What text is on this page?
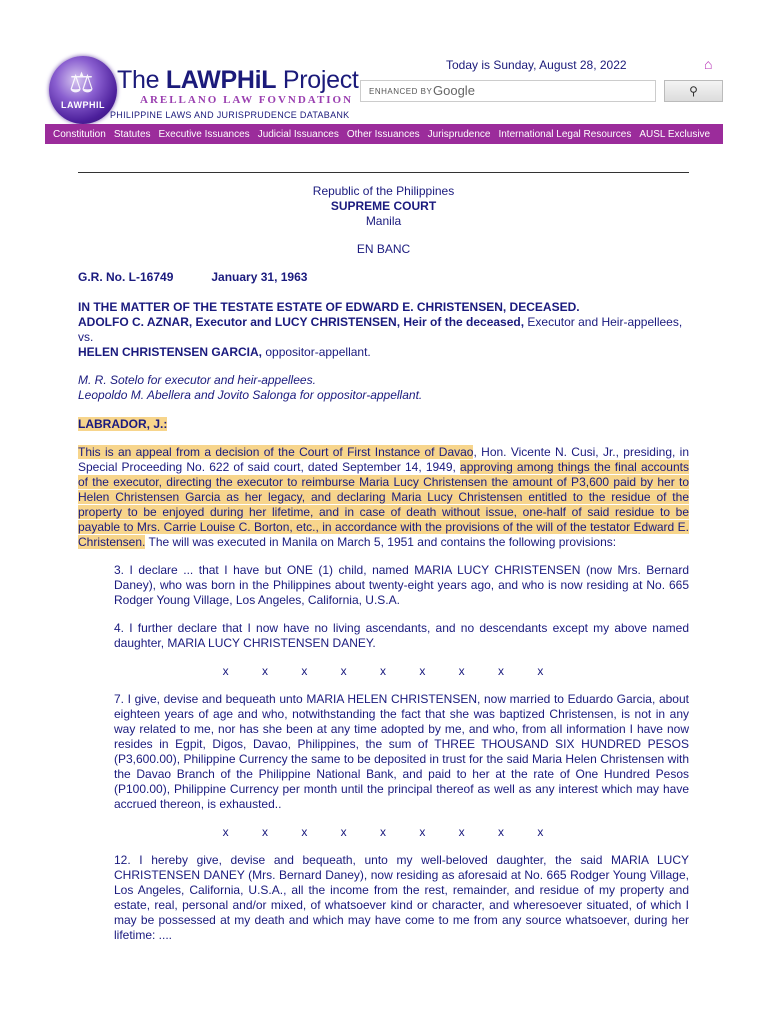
⚖
LAWPHIL
The LAWPHiL Project
ARELLANO LAW FOVNDATION
PHILIPPINE LAWS AND JURISPRUDENCE DATABANK
Today is Sunday, August 28, 2022	⌂
ENHANCED BY Google	⚲
Constitution Statutes Executive Issuances Judicial Issuances Other Issuances Jurisprudence International Legal Resources AUSL Exclusive

Republic of the Philippines

SUPREME COURT

Manila

EN BANC

G.R. No. L-16749	January 31, 1963

IN THE MATTER OF THE TESTATE ESTATE OF EDWARD E. CHRISTENSEN, DECEASED.

ADOLFO C. AZNAR, Executor and LUCY CHRISTENSEN, Heir of the deceased, Executor and Heir-appellees,

vs.

HELEN CHRISTENSEN GARCIA, oppositor-appellant.

M. R. Sotelo for executor and heir-appellees.

Leopoldo M. Abellera and Jovito Salonga for oppositor-appellant.

LABRADOR, J.:

This is an appeal from a decision of the Court of First Instance of Davao, Hon. Vicente N. Cusi, Jr., presiding, in Special Proceeding No. 622 of said court, dated September 14, 1949, approving among things the final accounts of the executor, directing the executor to reimburse Maria Lucy Christensen the amount of P3,600 paid by her to Helen Christensen Garcia as her legacy, and declaring Maria Lucy Christensen entitled to the residue of the property to be enjoyed during her lifetime, and in case of death without issue, one-half of said residue to be payable to Mrs. Carrie Louise C. Borton, etc., in accordance with the provisions of the will of the testator Edward E. Christensen. The will was executed in Manila on March 5, 1951 and contains the following provisions:

3. I declare ... that I have but ONE (1) child, named MARIA LUCY CHRISTENSEN (now Mrs. Bernard Daney), who was born in the Philippines about twenty-eight years ago, and who is now residing at No. 665 Rodger Young Village, Los Angeles, California, U.S.A.

4. I further declare that I now have no living ascendants, and no descendants except my above named daughter, MARIA LUCY CHRISTENSEN DANEY.

x x x x x x x x x

7. I give, devise and bequeath unto MARIA HELEN CHRISTENSEN, now married to Eduardo Garcia, about eighteen years of age and who, notwithstanding the fact that she was baptized Christensen, is not in any way related to me, nor has she been at any time adopted by me, and who, from all information I have now resides in Egpit, Digos, Davao, Philippines, the sum of THREE THOUSAND SIX HUNDRED PESOS (P3,600.00), Philippine Currency the same to be deposited in trust for the said Maria Helen Christensen with the Davao Branch of the Philippine National Bank, and paid to her at the rate of One Hundred Pesos (P100.00), Philippine Currency per month until the principal thereof as well as any interest which may have accrued thereon, is exhausted..

x x x x x x x x x

12. I hereby give, devise and bequeath, unto my well-beloved daughter, the said MARIA LUCY CHRISTENSEN DANEY (Mrs. Bernard Daney), now residing as aforesaid at No. 665 Rodger Young Village, Los Angeles, California, U.S.A., all the income from the rest, remainder, and residue of my property and estate, real, personal and/or mixed, of whatsoever kind or character, and wheresoever situated, of which I may be possessed at my death and which may have come to me from any source whatsoever, during her lifetime: ....
